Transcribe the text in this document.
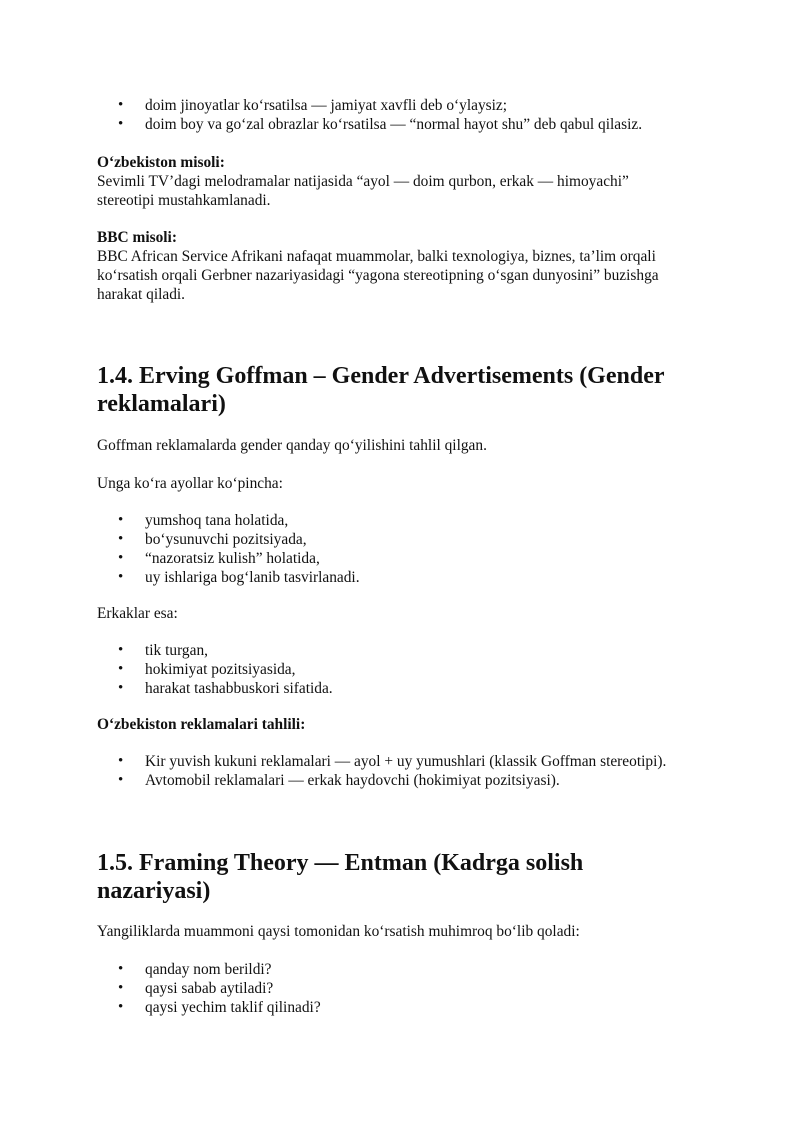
• doim jinoyatlar ko‘rsatilsa — jamiyat xavfli deb o‘ylaysiz;
• doim boy va go‘zal obrazlar ko‘rsatilsa — “normal hayot shu” deb qabul qilasiz.
O‘zbekiston misoli:
Sevimli TV’dagi melodramalar natijasida “ayol — doim qurbon, erkak — himoyachi”
stereotipi mustahkamlanadi.
BBC misoli:
BBC African Service Afrikani nafaqat muammolar, balki texnologiya, biznes, ta’lim orqali
ko‘rsatish orqali Gerbner nazariyasidagi “yagona stereotipning o‘sgan dunyosini” buzishga
harakat qiladi.
1.4. Erving Goffman – Gender Advertisements (Gender
reklamalari)
Goffman reklamalarda gender qanday qo‘yilishini tahlil qilgan.
Unga ko‘ra ayollar ko‘pincha:
• yumshoq tana holatida,
• bo‘ysunuvchi pozitsiyada,
• “nazoratsiz kulish” holatida,
• uy ishlariga bog‘lanib tasvirlanadi.
Erkaklar esa:
• tik turgan,
• hokimiyat pozitsiyasida,
• harakat tashabbuskori sifatida.
O‘zbekiston reklamalari tahlili:
• Kir yuvish kukuni reklamalari — ayol + uy yumushlari (klassik Goffman stereotipi).
• Avtomobil reklamalari — erkak haydovchi (hokimiyat pozitsiyasi).
1.5. Framing Theory — Entman (Kadrga solish
nazariyasi)
Yangiliklarda muammoni qaysi tomonidan ko‘rsatish muhimroq bo‘lib qoladi:
• qanday nom berildi?
• qaysi sabab aytiladi?
• qaysi yechim taklif qilinadi?
